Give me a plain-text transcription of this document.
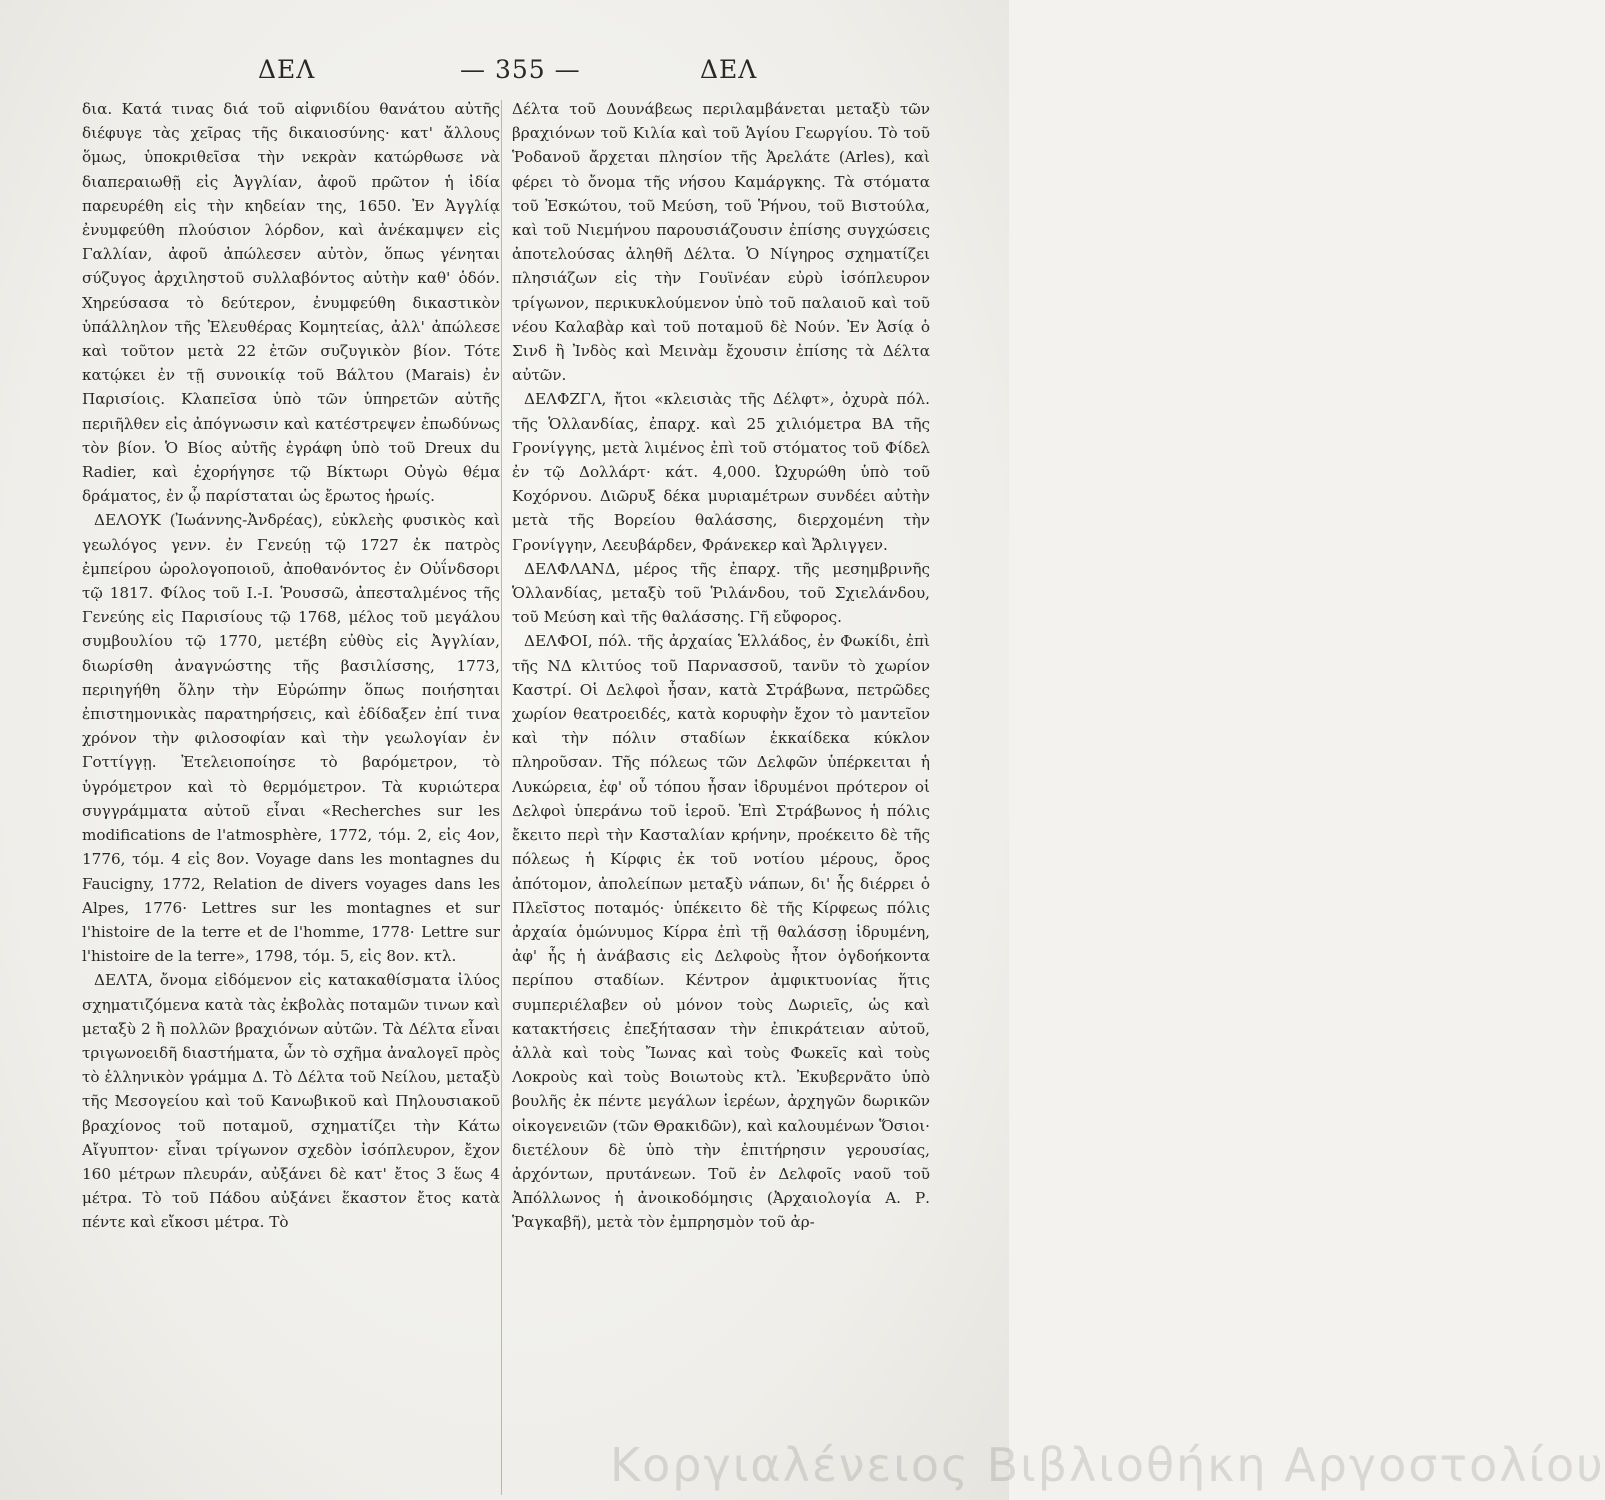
ΔΕΛ	— 355 —	ΔΕΛ

δια. Κατά τινας διά τοῦ αἰφνιδίου θανάτου αὐτῆς διέφυγε τὰς χεῖρας τῆς δικαιοσύνης· κατ' ἄλλους ὅμως, ὑποκριθεῖσα τὴν νεκρὰν κατώρθωσε νὰ διαπεραιωθῇ εἰς Ἀγγλίαν, ἀφοῦ πρῶτον ἡ ἰδία παρευρέθη εἰς τὴν κηδείαν της, 1650. Ἐν Ἀγγλίᾳ ἐνυμφεύθη πλούσιον λόρδον, καὶ ἀνέκαμψεν εἰς Γαλλίαν, ἀφοῦ ἀπώλεσεν αὐτὸν, ὅπως γένηται σύζυγος ἀρχιληστοῦ συλλαβόντος αὐτὴν καθ' ὁδόν. Χηρεύσασα τὸ δεύτερον, ἐνυμφεύθη δικαστικὸν ὑπάλληλον τῆς Ἐλευθέρας Κομητείας, ἀλλ' ἀπώλεσε καὶ τοῦτον μετὰ 22 ἐτῶν συζυγικὸν βίον. Τότε κατῴκει ἐν τῇ συνοικίᾳ τοῦ Βάλτου (Marais) ἐν Παρισίοις. Κλαπεῖσα ὑπὸ τῶν ὑπηρετῶν αὐτῆς περιῆλθεν εἰς ἀπόγνωσιν καὶ κατέστρεψεν ἐπωδύνως τὸν βίον. Ὁ Βίος αὐτῆς ἐγράφη ὑπὸ τοῦ Dreux du Radier, καὶ ἐχορήγησε τῷ Βίκτωρι Οὐγὼ θέμα δράματος, ἐν ᾧ παρίσταται ὡς ἔρωτος ἡρωίς.

ΔΕΛΟΥΚ (Ἰωάννης-Ἀνδρέας), εὐκλεὴς φυσικὸς καὶ γεωλόγος γενν. ἐν Γενεύῃ τῷ 1727 ἐκ πατρὸς ἐμπείρου ὡρολογοποιοῦ, ἀποθανόντος ἐν Οὐΐνδσορι τῷ 1817. Φίλος τοῦ Ι.-Ι. Ῥουσσῶ, ἀπεσταλμένος τῆς Γενεύης εἰς Παρισίους τῷ 1768, μέλος τοῦ μεγάλου συμβουλίου τῷ 1770, μετέβη εὐθὺς εἰς Ἀγγλίαν, διωρίσθη ἀναγνώστης τῆς βασιλίσσης, 1773, περιηγήθη ὅλην τὴν Εὐρώπην ὅπως ποιήσηται ἐπιστημονικὰς παρατηρήσεις, καὶ ἐδίδαξεν ἐπί τινα χρόνον τὴν φιλοσοφίαν καὶ τὴν γεωλογίαν ἐν Γοττίγγῃ. Ἐτελειοποίησε τὸ βαρόμετρον, τὸ ὑγρόμετρον καὶ τὸ θερμόμετρον. Τὰ κυριώτερα συγγράμματα αὐτοῦ εἶναι «Recherches sur les modifications de l'atmosphère, 1772, τόμ. 2, εἰς 4ον, 1776, τόμ. 4 εἰς 8ον. Voyage dans les montagnes du Faucigny, 1772, Relation de divers voyages dans les Alpes, 1776· Lettres sur les montagnes et sur l'histoire de la terre et de l'homme, 1778· Lettre sur l'histoire de la terre», 1798, τόμ. 5, εἰς 8ον. κτλ.

ΔΕΛΤΑ, ὄνομα εἰδόμενον εἰς κατακαθίσματα ἰλύος σχηματιζόμενα κατὰ τὰς ἐκβολὰς ποταμῶν τινων καὶ μεταξὺ 2 ἢ πολλῶν βραχιόνων αὐτῶν. Τὰ Δέλτα εἶναι τριγωνοειδῆ διαστήματα, ὧν τὸ σχῆμα ἀναλογεῖ πρὸς τὸ ἑλληνικὸν γράμμα Δ. Τὸ Δέλτα τοῦ Νείλου, μεταξὺ τῆς Μεσογείου καὶ τοῦ Κανωβικοῦ καὶ Πηλουσιακοῦ βραχίονος τοῦ ποταμοῦ, σχηματίζει τὴν Κάτω Αἴγυπτον· εἶναι τρίγωνον σχεδὸν ἰσόπλευρον, ἔχον 160 μέτρων πλευράν, αὐξάνει δὲ κατ' ἔτος 3 ἕως 4 μέτρα. Τὸ τοῦ Πάδου αὐξάνει ἕκαστον ἔτος κατὰ πέντε καὶ εἴκοσι μέτρα. Τὸ

Δέλτα τοῦ Δουνάβεως περιλαμβάνεται μεταξὺ τῶν βραχιόνων τοῦ Κιλία καὶ τοῦ Ἁγίου Γεωργίου. Τὸ τοῦ Ῥοδανοῦ ἄρχεται πλησίον τῆς Ἀρελάτε (Arles), καὶ φέρει τὸ ὄνομα τῆς νήσου Καμάργκης. Τὰ στόματα τοῦ Ἐσκώτου, τοῦ Μεύση, τοῦ Ῥήνου, τοῦ Βιστούλα, καὶ τοῦ Νιεμήνου παρουσιάζουσιν ἐπίσης συγχώσεις ἀποτελούσας ἀληθῆ Δέλτα. Ὁ Νίγηρος σχηματίζει πλησιάζων εἰς τὴν Γουϊνέαν εὐρὺ ἰσόπλευρον τρίγωνον, περικυκλούμενον ὑπὸ τοῦ παλαιοῦ καὶ τοῦ νέου Καλαβὰρ καὶ τοῦ ποταμοῦ δὲ Νούν. Ἐν Ἀσίᾳ ὁ Σινδ ἢ Ἰνδὸς καὶ Μεινὰμ ἔχουσιν ἐπίσης τὰ Δέλτα αὐτῶν.

ΔΕΛΦΖΓΛ, ἤτοι «κλεισιὰς τῆς Δέλφτ», ὀχυρὰ πόλ. τῆς Ὁλλανδίας, ἐπαρχ. καὶ 25 χιλιόμετρα ΒΑ τῆς Γρονίγγης, μετὰ λιμένος ἐπὶ τοῦ στόματος τοῦ Φίδελ ἐν τῷ Δολλάρτ· κάτ. 4,000. Ὠχυρώθη ὑπὸ τοῦ Κοχόρνου. Διῶρυξ δέκα μυριαμέτρων συνδέει αὐτὴν μετὰ τῆς Βορείου θαλάσσης, διερχομένη τὴν Γρονίγγην, Λεευβάρδεν, Φράνεκερ καὶ Ἄρλιγγεν.

ΔΕΛΦΛΑΝΔ, μέρος τῆς ἐπαρχ. τῆς μεσημβρινῆς Ὁλλανδίας, μεταξὺ τοῦ Ῥιλάνδου, τοῦ Σχιελάνδου, τοῦ Μεύση καὶ τῆς θαλάσσης. Γῆ εὔφορος.

ΔΕΛΦΟΙ, πόλ. τῆς ἀρχαίας Ἑλλάδος, ἐν Φωκίδι, ἐπὶ τῆς ΝΔ κλιτύος τοῦ Παρνασσοῦ, τανῦν τὸ χωρίον Καστρί. Οἱ Δελφοὶ ἦσαν, κατὰ Στράβωνα, πετρῶδες χωρίον θεατροειδές, κατὰ κορυφὴν ἔχον τὸ μαντεῖον καὶ τὴν πόλιν σταδίων ἑκκαίδεκα κύκλον πληροῦσαν. Τῆς πόλεως τῶν Δελφῶν ὑπέρκειται ἡ Λυκώρεια, ἐφ' οὗ τόπου ἦσαν ἱδρυμένοι πρότερον οἱ Δελφοὶ ὑπεράνω τοῦ ἱεροῦ. Ἐπὶ Στράβωνος ἡ πόλις ἔκειτο περὶ τὴν Κασταλίαν κρήνην, προέκειτο δὲ τῆς πόλεως ἡ Κίρφις ἐκ τοῦ νοτίου μέρους, ὄρος ἀπότομον, ἀπολείπων μεταξὺ νάπων, δι' ἧς διέρρει ὁ Πλεῖστος ποταμός· ὑπέκειτο δὲ τῆς Κίρφεως πόλις ἀρχαία ὁμώνυμος Κίρρα ἐπὶ τῇ θαλάσσῃ ἱδρυμένη, ἀφ' ἧς ἡ ἀνάβασις εἰς Δελφοὺς ἦτον ὀγδοήκοντα περίπου σταδίων. Κέντρον ἀμφικτυονίας ἥτις συμπεριέλαβεν οὐ μόνον τοὺς Δωριεῖς, ὡς καὶ κατακτήσεις ἐπεξήτασαν τὴν ἐπικράτειαν αὐτοῦ, ἀλλὰ καὶ τοὺς Ἴωνας καὶ τοὺς Φωκεῖς καὶ τοὺς Λοκροὺς καὶ τοὺς Βοιωτοὺς κτλ. Ἐκυβερνᾶτο ὑπὸ βουλῆς ἐκ πέντε μεγάλων ἱερέων, ἀρχηγῶν δωρικῶν οἰκογενειῶν (τῶν Θρακιδῶν), καὶ καλουμένων Ὅσιοι· διετέλουν δὲ ὑπὸ τὴν ἐπιτήρησιν γερουσίας, ἀρχόντων, πρυτάνεων. Τοῦ ἐν Δελφοῖς ναοῦ τοῦ Ἀπόλλωνος ἡ ἀνοικοδόμησις (Ἀρχαιολογία Α. Ρ. Ῥαγκαβῆ), μετὰ τὸν ἐμπρησμὸν τοῦ ἀρ-

Κοργιαλένειος Βιβλιοθήκη Αργοστολίου
